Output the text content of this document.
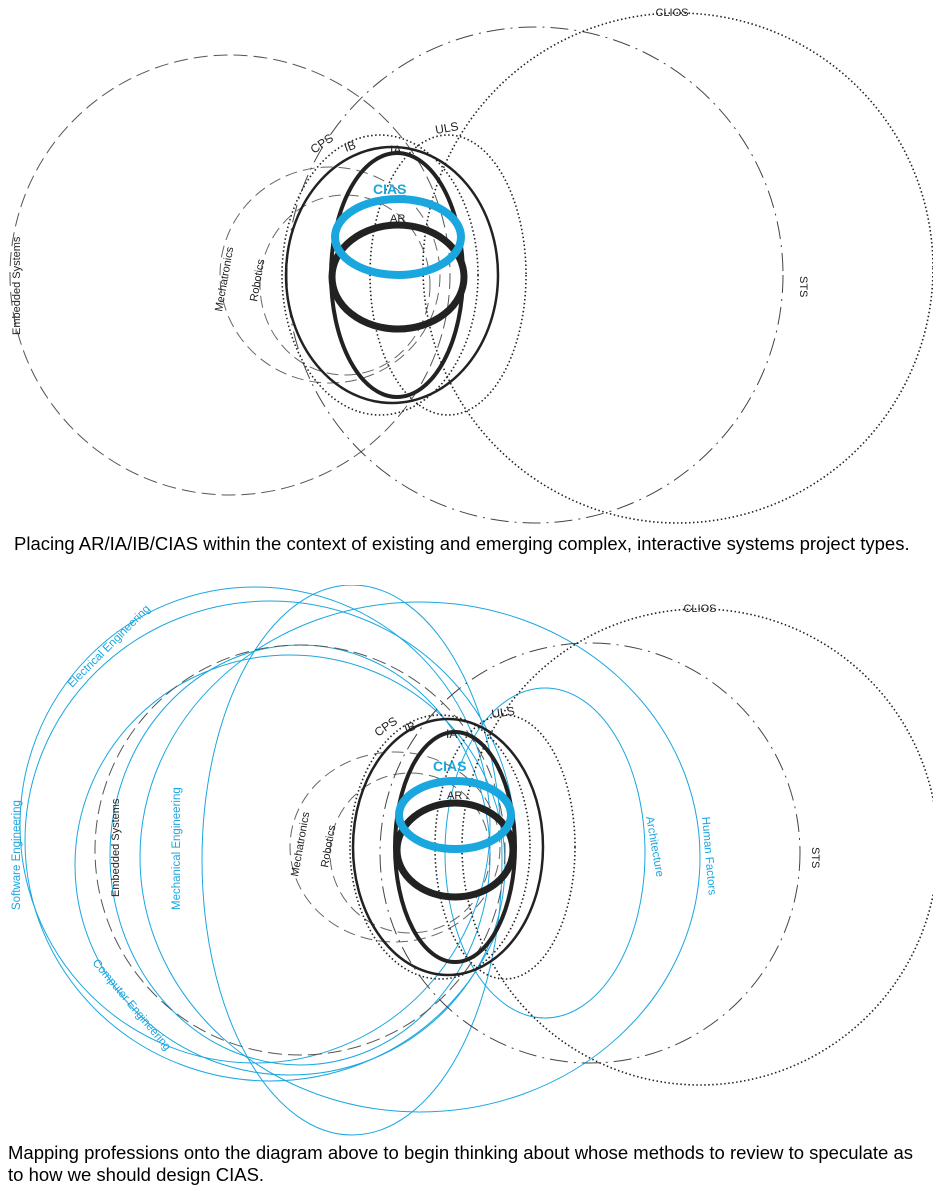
CLIOS
ULS
CPS IB	IA
CIAS
AR
STS
Embedded Systems	Mechatronics Robotics
Placing AR/IA/IB/CIAS within the context of existing and emerging complex, interactive systems project types.
CLIOS
ULS
CPS IB IA
CIAS
AR
STS
Embedded Systems	Mechatronics Robotics
Electrical Engineering
Software Engineering
Computer Engineering
Mechanical Engineering	Architecture	Human Factors
Mapping professions onto the diagram above to begin thinking about whose methods to review to speculate as to how we should design CIAS.
